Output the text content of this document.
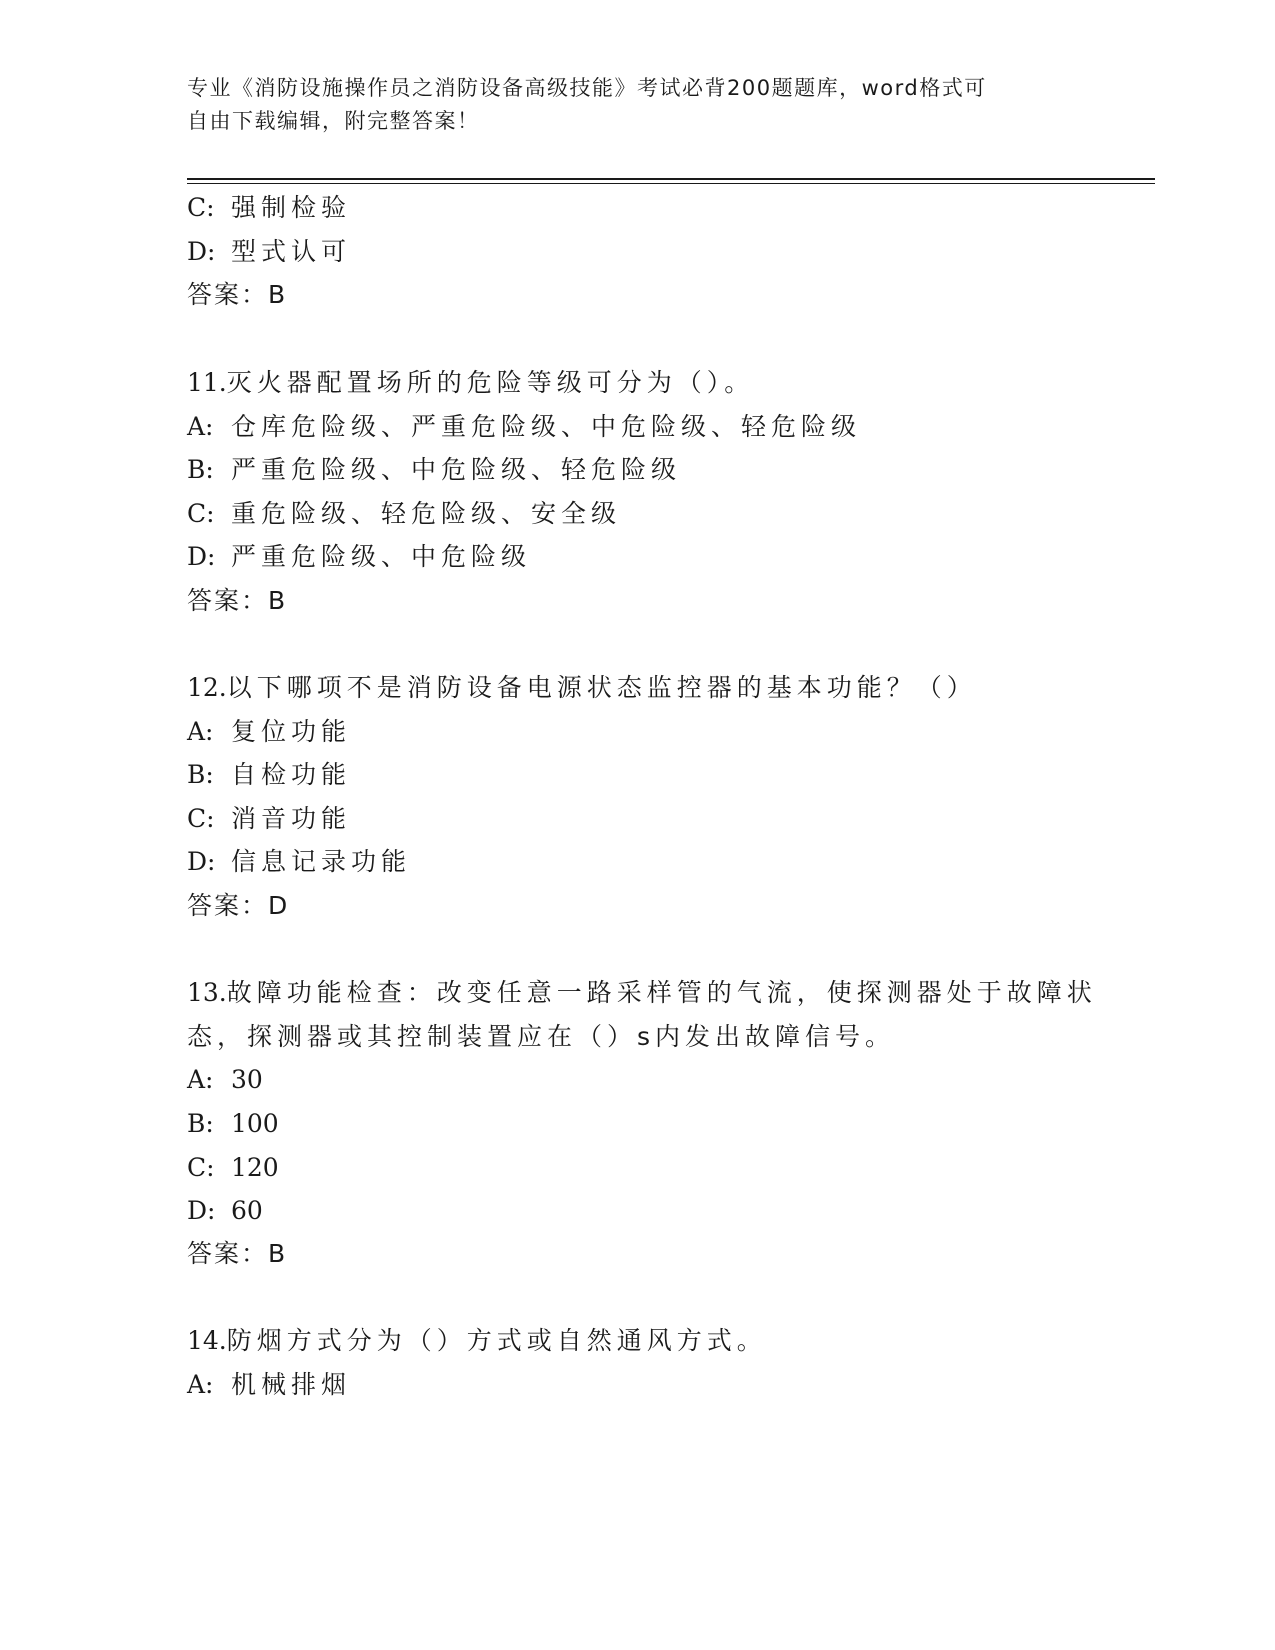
专业《消防设施操作员之消防设备高级技能》考试必背200题题库，word格式可
自由下载编辑，附完整答案！
C: 强制检验
D: 型式认可
答案：B
11.灭火器配置场所的危险等级可分为（）。
A: 仓库危险级、严重危险级、中危险级、轻危险级
B: 严重危险级、中危险级、轻危险级
C: 重危险级、轻危险级、安全级
D: 严重危险级、中危险级
答案：B
12.以下哪项不是消防设备电源状态监控器的基本功能？（）
A: 复位功能
B: 自检功能
C: 消音功能
D: 信息记录功能
答案：D
13.故障功能检查：改变任意一路采样管的气流，使探测器处于故障状
态，探测器或其控制装置应在（）s内发出故障信号。
A: 30
B: 100
C: 120
D: 60
答案：B
14.防烟方式分为（）方式或自然通风方式。
A: 机械排烟
